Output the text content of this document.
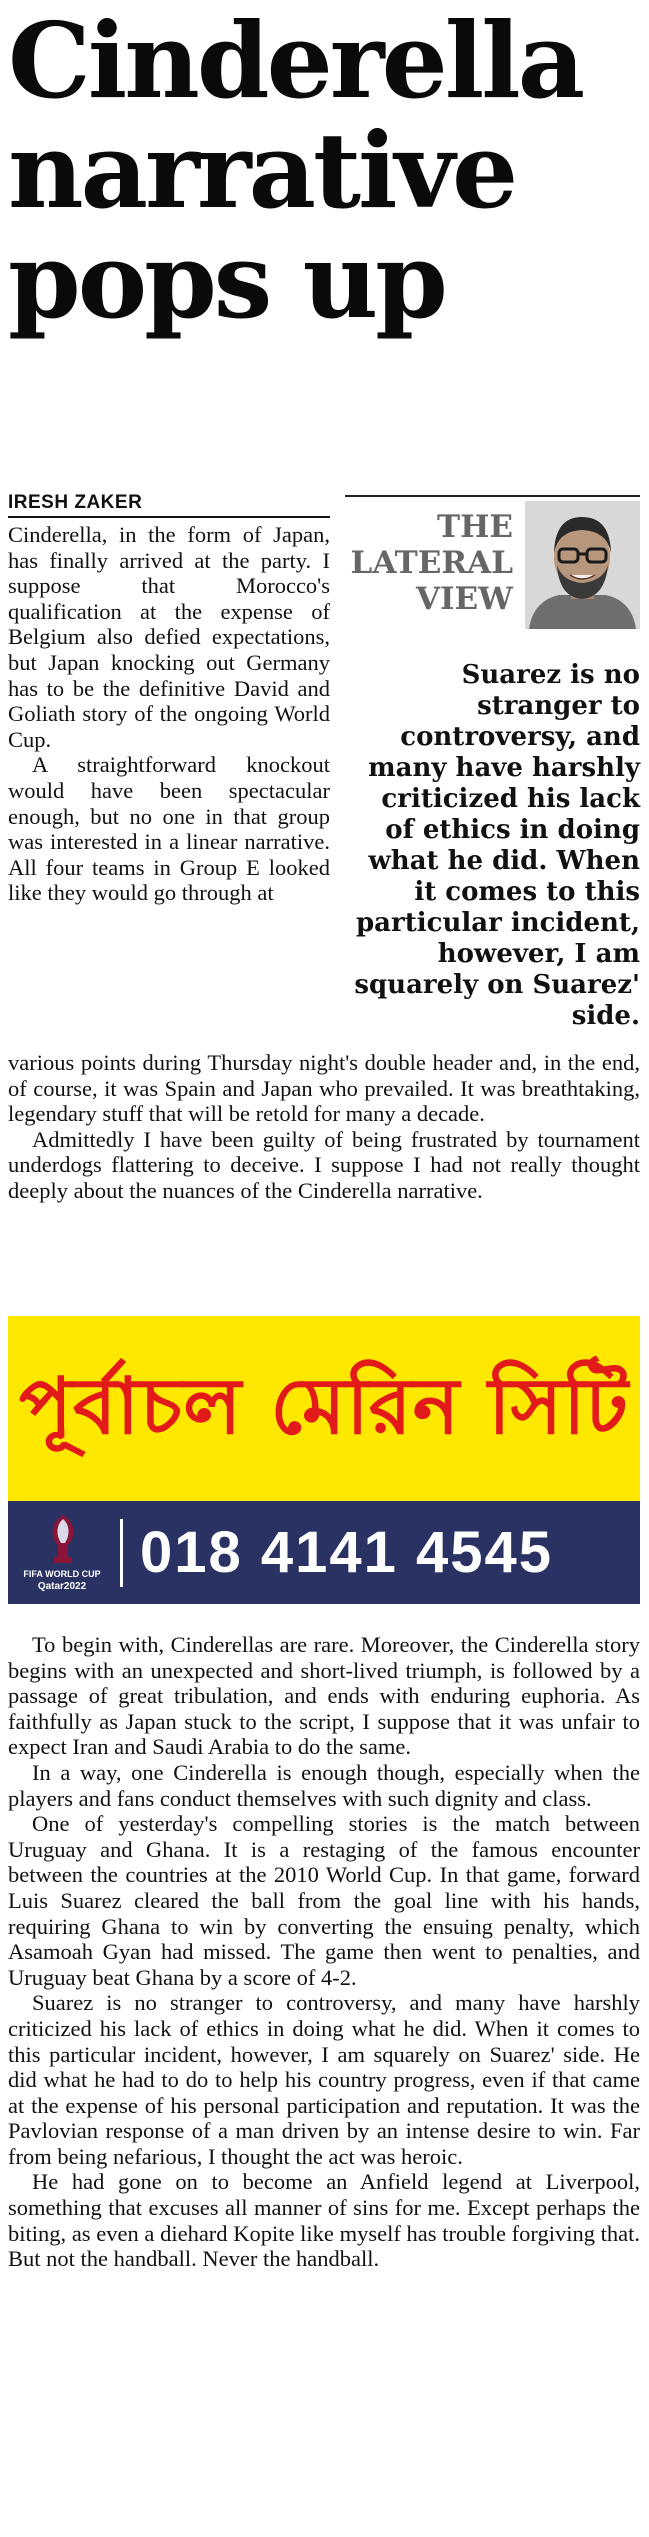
Cinderella
narrative
pops up
IRESH ZAKER

Cinderella, in the form of Japan, has finally arrived at the party. I suppose that Morocco's qualification at the expense of Belgium also defied expectations, but Japan knocking out Germany has to be the definitive David and Goliath story of the ongoing World Cup.

A straightforward knockout would have been spectacular enough, but no one in that group was interested in a linear narrative. All four teams in Group E looked like they would go through at

THE
LATERAL
VIEW
Suarez is no stranger to controversy, and many have harshly criticized his lack of ethics in doing what he did. When it comes to this particular incident, however, I am squarely on Suarez' side.

various points during Thursday night's double header and, in the end, of course, it was Spain and Japan who prevailed. It was breathtaking, legendary stuff that will be retold for many a decade.

Admittedly I have been guilty of being frustrated by tournament underdogs flattering to deceive. I suppose I had not really thought deeply about the nuances of the Cinderella narrative.

পূর্বাচল মেরিন সিটি
FIFA WORLD CUP
Qatar2022
018 4141 4545

To begin with, Cinderellas are rare. Moreover, the Cinderella story begins with an unexpected and short-lived triumph, is followed by a passage of great tribulation, and ends with enduring euphoria. As faithfully as Japan stuck to the script, I suppose that it was unfair to expect Iran and Saudi Arabia to do the same.

In a way, one Cinderella is enough though, especially when the players and fans conduct themselves with such dignity and class.

One of yesterday's compelling stories is the match between Uruguay and Ghana. It is a restaging of the famous encounter between the countries at the 2010 World Cup. In that game, forward Luis Suarez cleared the ball from the goal line with his hands, requiring Ghana to win by converting the ensuing penalty, which Asamoah Gyan had missed. The game then went to penalties, and Uruguay beat Ghana by a score of 4-2.

Suarez is no stranger to controversy, and many have harshly criticized his lack of ethics in doing what he did. When it comes to this particular incident, however, I am squarely on Suarez' side. He did what he had to do to help his country progress, even if that came at the expense of his personal participation and reputation. It was the Pavlovian response of a man driven by an intense desire to win. Far from being nefarious, I thought the act was heroic.

He had gone on to become an Anfield legend at Liverpool, something that excuses all manner of sins for me. Except perhaps the biting, as even a diehard Kopite like myself has trouble forgiving that. But not the handball. Never the handball.
